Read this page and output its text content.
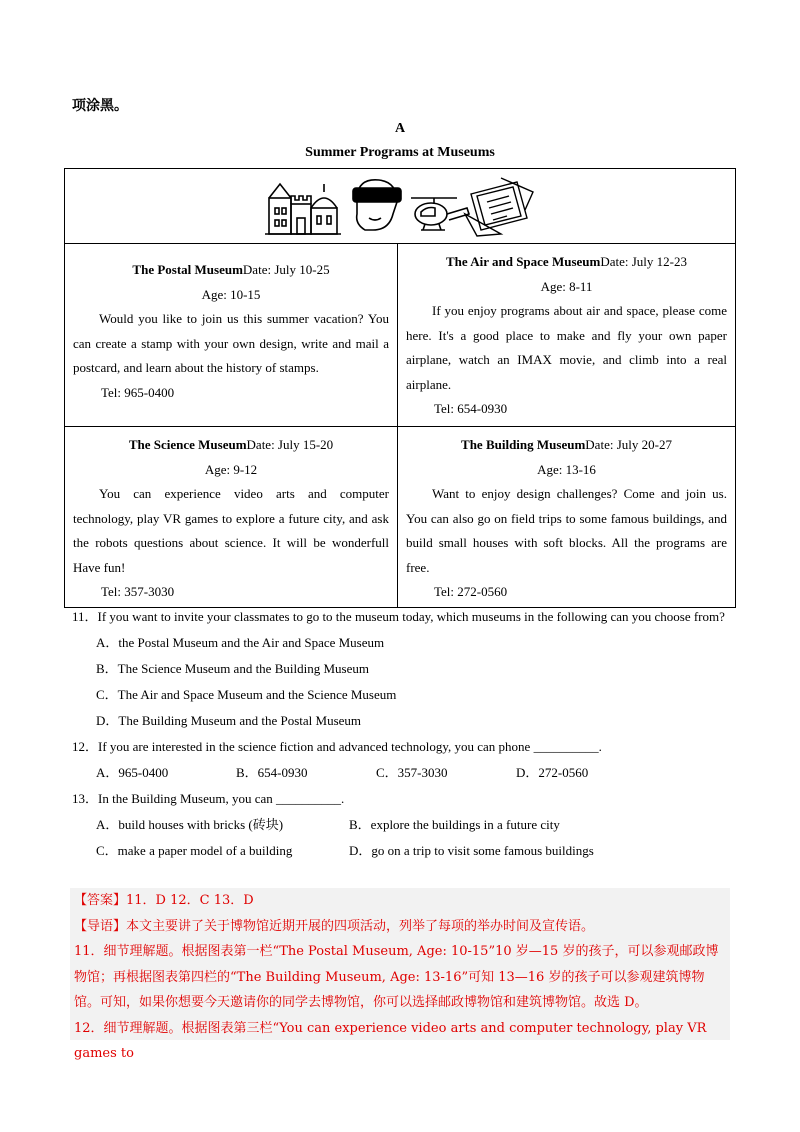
项涂黑。
A
Summer Programs at Museums
The Postal MuseumDate: July 10-25
Age: 10-15
Would you like to join us this summer vacation? You can create a stamp with your own design, write and mail a postcard, and learn about the history of stamps.
Tel: 965-0400
The Air and Space MuseumDate: July 12-23
Age: 8-11
If you enjoy programs about air and space, please come here. It's a good place to make and fly your own paper airplane, watch an IMAX movie, and climb into a real airplane.
Tel: 654-0930
The Science MuseumDate: July 15-20
Age: 9-12
You can experience video arts and computer technology, play VR games to explore a future city, and ask the robots questions about science. It will be wonderfull Have fun!
Tel: 357-3030
The Building MuseumDate: July 20-27
Age: 13-16
Want to enjoy design challenges? Come and join us. You can also go on field trips to some famous buildings, and build small houses with soft blocks. All the programs are free.
Tel: 272-0560

11．If you want to invite your classmates to go to the museum today, which museums in the following can you choose from?

A．the Postal Museum and the Air and Space Museum
B．The Science Museum and the Building Museum
C．The Air and Space Museum and the Science Museum
D．The Building Museum and the Postal Museum

12．If you are interested in the science fiction and advanced technology, you can phone __________.

A．965-0400	B．654-0930	C．357-3030	D．272-0560

13．In the Building Museum, you can __________.

A．build houses with bricks (砖块)	B．explore the buildings in a future city
C．make a paper model of a building	D．go on a trip to visit some famous buildings

【答案】11．D 12．C 13．D

【导语】本文主要讲了关于博物馆近期开展的四项活动，列举了每项的举办时间及宣传语。

11．细节理解题。根据图表第一栏“The Postal Museum, Age: 10-15”10 岁—15 岁的孩子，可以参观邮政博物馆；再根据图表第四栏的“The Building Museum, Age: 13-16”可知 13—16 岁的孩子可以参观建筑博物馆。可知，如果你想要今天邀请你的同学去博物馆，你可以选择邮政博物馆和建筑博物馆。故选 D。

12．细节理解题。根据图表第三栏“You can experience video arts and computer technology, play VR games to
